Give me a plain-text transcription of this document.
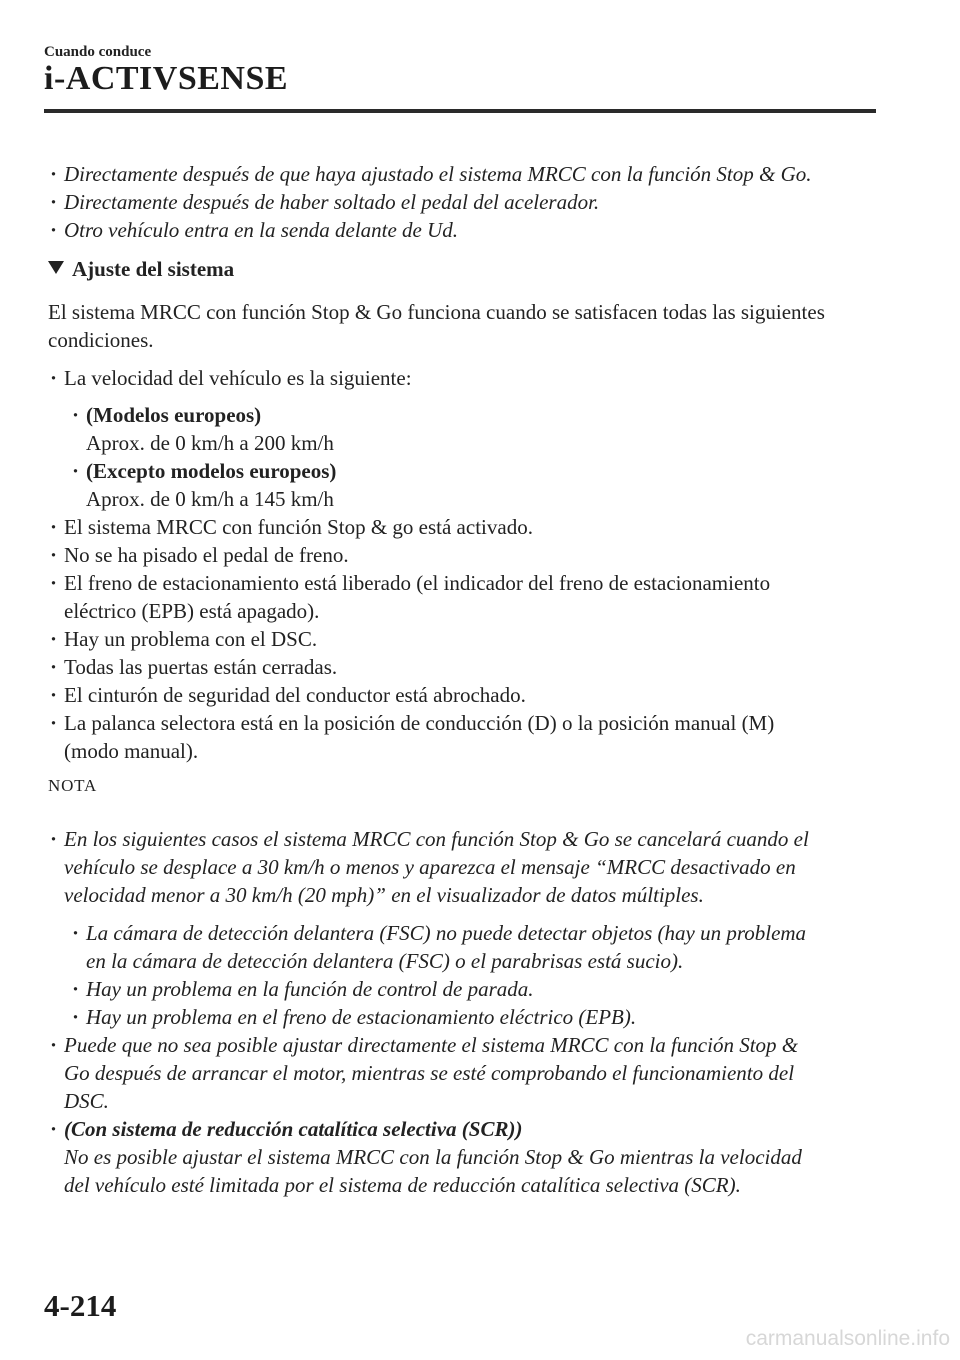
Cuando conduce
i-ACTIVSENSE
· Directamente después de que haya ajustado el sistema MRCC con la función Stop & Go.
· Directamente después de haber soltado el pedal del acelerador.
· Otro vehículo entra en la senda delante de Ud.
Ajuste del sistema
El sistema MRCC con función Stop & Go funciona cuando se satisfacen todas las siguientes
condiciones.
· La velocidad del vehículo es la siguiente:
· (Modelos europeos)
Aprox. de 0 km/h a 200 km/h
· (Excepto modelos europeos)
Aprox. de 0 km/h a 145 km/h
· El sistema MRCC con función Stop & go está activado.
· No se ha pisado el pedal de freno.
· El freno de estacionamiento está liberado (el indicador del freno de estacionamiento
eléctrico (EPB) está apagado).
· Hay un problema con el DSC.
· Todas las puertas están cerradas.
· El cinturón de seguridad del conductor está abrochado.
· La palanca selectora está en la posición de conducción (D) o la posición manual (M)
(modo manual).
NOTA
· En los siguientes casos el sistema MRCC con función Stop & Go se cancelará cuando el
vehículo se desplace a 30 km/h o menos y aparezca el mensaje “MRCC desactivado en
velocidad menor a 30 km/h (20 mph)” en el visualizador de datos múltiples.
· La cámara de detección delantera (FSC) no puede detectar objetos (hay un problema
en la cámara de detección delantera (FSC) o el parabrisas está sucio).
· Hay un problema en la función de control de parada.
· Hay un problema en el freno de estacionamiento eléctrico (EPB).
· Puede que no sea posible ajustar directamente el sistema MRCC con la función Stop &
Go después de arrancar el motor, mientras se esté comprobando el funcionamiento del
DSC.
· (Con sistema de reducción catalítica selectiva (SCR))
No es posible ajustar el sistema MRCC con la función Stop & Go mientras la velocidad
del vehículo esté limitada por el sistema de reducción catalítica selectiva (SCR).
4-214
carmanualsonline.info
